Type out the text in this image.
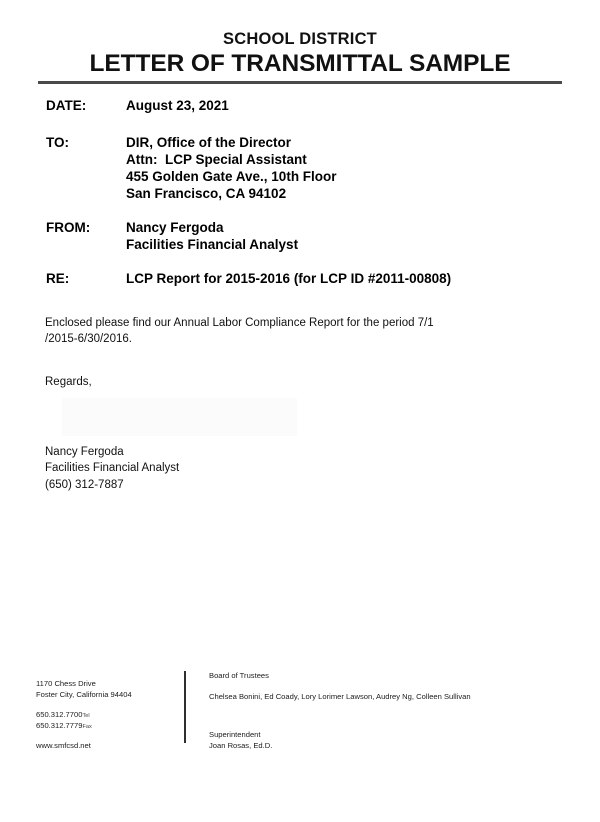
SCHOOL DISTRICT
LETTER OF TRANSMITTAL SAMPLE
DATE:	August 23, 2021
TO:	DIR, Office of the Director
Attn:  LCP Special Assistant
455 Golden Gate Ave., 10th Floor
San Francisco, CA 94102
FROM:	Nancy Fergoda
Facilities Financial Analyst
RE:	LCP Report for 2015-2016 (for LCP ID #2011-00808)

Enclosed please find our Annual Labor Compliance Report for the period 7/1 /2015-6/30/2016.

Regards,

Nancy Fergoda
Facilities Financial Analyst
(650) 312-7887
1170 Chess Drive
Foster City, California 94404
650.312.7700Tel
650.312.7779Fax
www.smfcsd.net
Board of Trustees
Chelsea Bonini, Ed Coady, Lory Lorimer Lawson, Audrey Ng, Colleen Sullivan
Superintendent
Joan Rosas, Ed.D.
